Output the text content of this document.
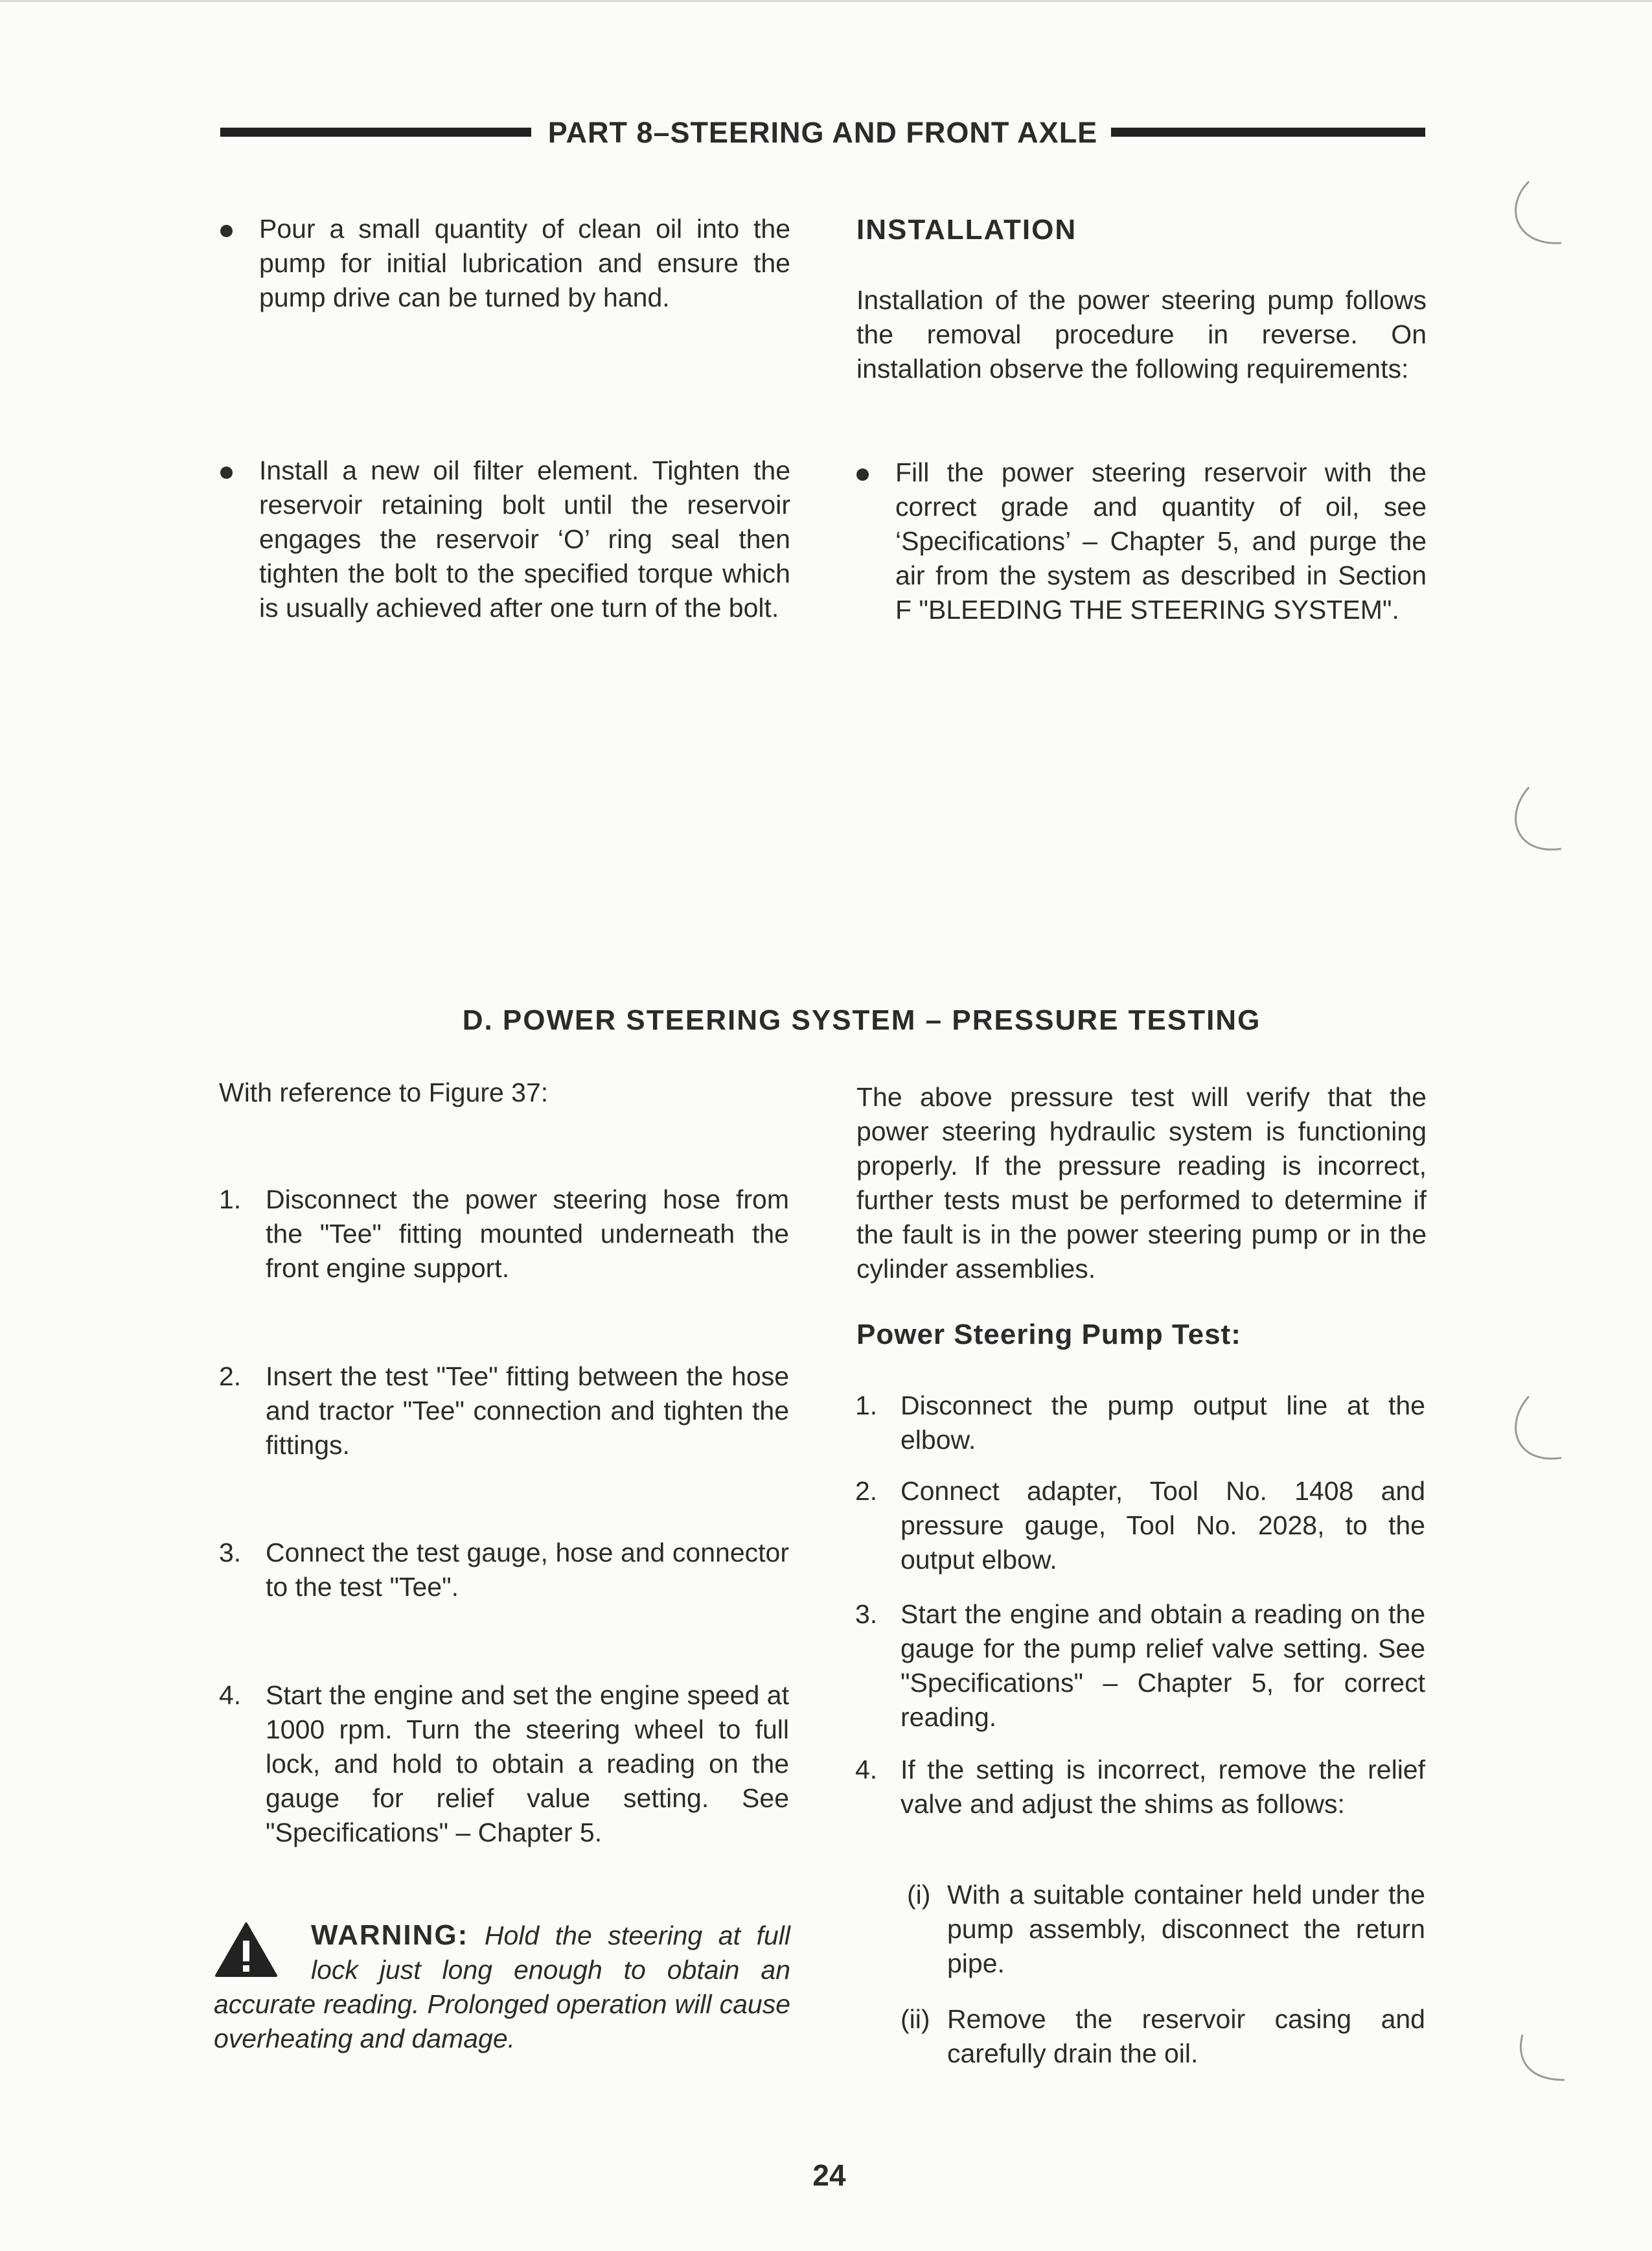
PART 8–STEERING AND FRONT AXLE
Pour a small quantity of clean oil into the pump for initial lubrication and ensure the pump drive can be turned by hand.
Install a new oil filter element. Tighten the reservoir retaining bolt until the reservoir engages the reservoir ‘O’ ring seal then tighten the bolt to the specified torque which is usually achieved after one turn of the bolt.
INSTALLATION
Installation of the power steering pump follows the removal procedure in reverse. On installation observe the following requirements:
Fill the power steering reservoir with the correct grade and quantity of oil, see ‘Specifications’ – Chapter 5, and purge the air from the system as described in Section F ʺBLEEDING THE STEERING SYSTEMʺ.
D. POWER STEERING SYSTEM – PRESSURE TESTING
With reference to Figure 37:
1. Disconnect the power steering hose from the ʺTeeʺ fitting mounted underneath the front engine support.
2. Insert the test ʺTeeʺ fitting between the hose and tractor ʺTeeʺ connection and tighten the fittings.
3. Connect the test gauge, hose and connector to the test ʺTeeʺ.
4. Start the engine and set the engine speed at 1000 rpm. Turn the steering wheel to full lock, and hold to obtain a reading on the gauge for relief value setting. See ʺSpecificationsʺ – Chapter 5.
WARNING: Hold the steering at full lock just long enough to obtain an accurate reading. Prolonged operation will cause overheating and damage.
The above pressure test will verify that the power steering hydraulic system is functioning properly. If the pressure reading is incorrect, further tests must be performed to determine if the fault is in the power steering pump or in the cylinder assemblies.
Power Steering Pump Test:
1. Disconnect the pump output line at the elbow.
2. Connect adapter, Tool No. 1408 and pressure gauge, Tool No. 2028, to the output elbow.
3. Start the engine and obtain a reading on the gauge for the pump relief valve setting. See ʺSpecificationsʺ – Chapter 5, for correct reading.
4. If the setting is incorrect, remove the relief valve and adjust the shims as follows:
(i) With a suitable container held under the pump assembly, disconnect the return pipe.
(ii) Remove the reservoir casing and carefully drain the oil.
24
